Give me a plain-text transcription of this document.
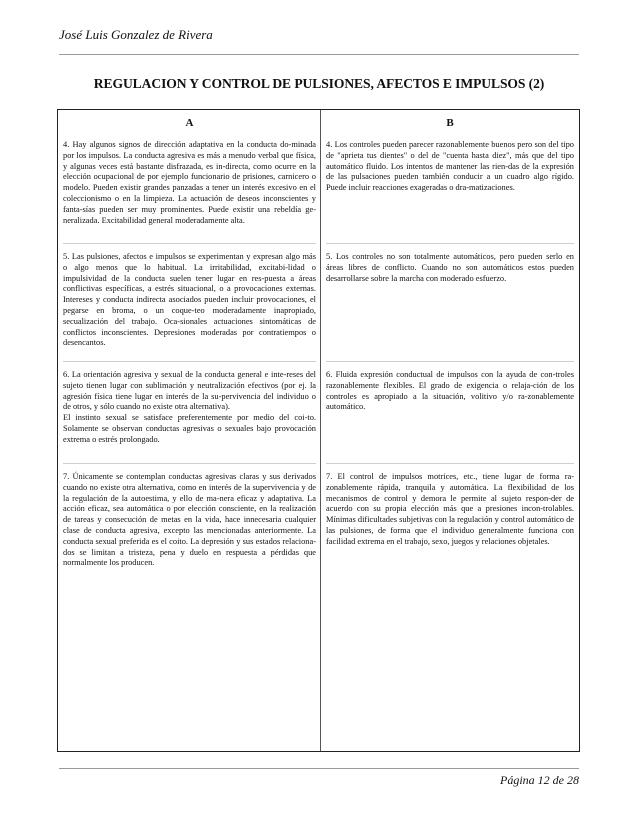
José Luis Gonzalez de Rivera
REGULACION Y CONTROL DE PULSIONES, AFECTOS E IMPULSOS (2)
A

4. Hay algunos signos de dirección adaptativa en la conducta do-minada por los impulsos. La conducta agresiva es más a menudo verbal que física, y algunas veces está bastante disfrazada, es in-directa, como ocurre en la elección ocupacional de por ejemplo funcionario de prisiones, carnicero o modelo. Pueden existir grandes panzadas a tener un interés excesivo en el coleccionismo o en la limpieza. La actuación de deseos inconscientes y fanta-sías pueden ser muy prominentes. Puede existir una rebeldía ge-neralizada. Excitabilidad general moderadamente alta.

5. Las pulsiones, afectos e impulsos se experimentan y expresan algo más o algo menos que lo habitual. La irritabilidad, excitabi-lidad o impulsividad de la conducta suelen tener lugar en res-puesta a áreas conflictivas específicas, a estrés situacional, o a provocaciones externas. Intereses y conducta indirecta asociados pueden incluir provocaciones, el pegarse en broma, o un coque-teo moderadamente inapropiado, secualización del trabajo. Oca-sionales actuaciones sintomáticas de conflictos inconscientes. Depresiones moderadas por contratiempos o desencantos.

6. La orientación agresiva y sexual de la conducta general e inte-reses del sujeto tienen lugar con sublimación y neutralización efectivos (por ej. la agresión física tiene lugar en interés de la su-pervivencia del individuo o de otros, y sólo cuando no existe otra alternativa).

El instinto sexual se satisface preferentemente por medio del coi-to. Solamente se observan conductas agresivas o sexuales bajo provocación extrema o estrés prolongado.

7. Únicamente se contemplan conductas agresivas claras y sus derivados cuando no existe otra alternativa, como en interés de la supervivencia y de la regulación de la autoestima, y ello de ma-nera eficaz y adaptativa. La acción eficaz, sea automática o por elección consciente, en la realización de tareas y consecución de metas en la vida, hace innecesaria cualquier clase de conducta agresiva, excepto las mencionadas anteriormente. La conducta sexual preferida es el coito. La depresión y sus estados relaciona-dos se limitan a tristeza, pena y duelo en respuesta a pérdidas que normalmente los producen.

B

4. Los controles pueden parecer razonablemente buenos pero son del tipo de "aprieta tus dientes" o del de "cuenta hasta diez", más que del tipo automático fluido. Los intentos de mantener las rien-das de la expresión de las pulsaciones pueden también conducir a un cuadro algo rígido. Puede incluir reacciones exageradas o dra-matizaciones.

5. Los controles no son totalmente automáticos, pero pueden serlo en áreas libres de conflicto. Cuando no son automáticos estos pueden desarrollarse sobre la marcha con moderado esfuerzo.

6. Fluida expresión conductual de impulsos con la ayuda de con-troles razonablemente flexibles. El grado de exigencia o relaja-ción de los controles es apropiado a la situación, volitivo y/o ra-zonablemente automático.

7. El control de impulsos motrices, etc., tiene lugar de forma ra-zonablemente rápida, tranquila y automática. La flexibilidad de los mecanismos de control y demora le permite al sujeto respon-der de acuerdo con su propia elección más que a presiones incon-trolables. Mínimas dificultades subjetivas con la regulación y control automático de las pulsiones, de forma que el individuo generalmente funciona con facilidad extrema en el trabajo, sexo, juegos y relaciones objetales.

Página 12 de 28
